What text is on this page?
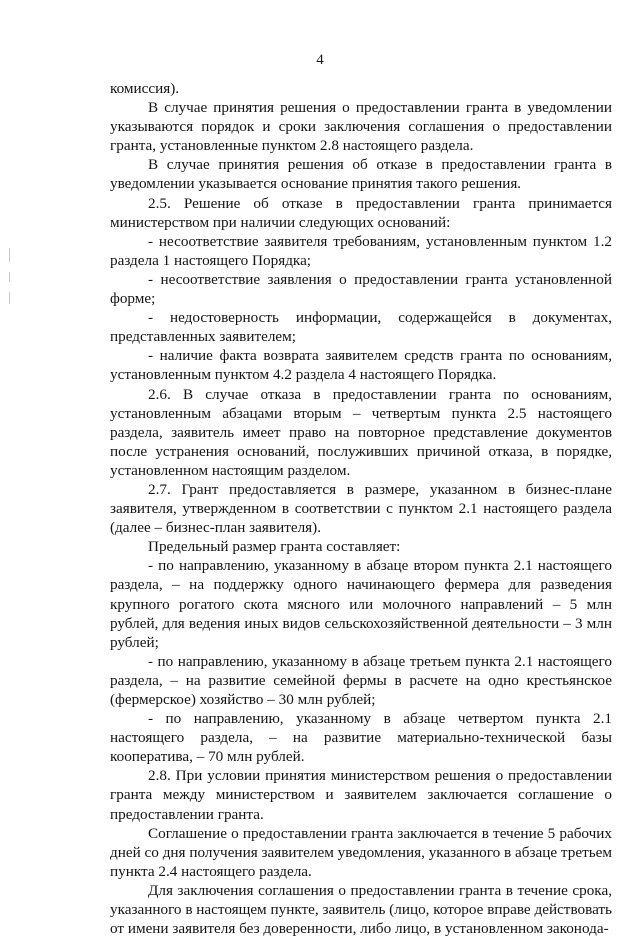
4

комиссия).

В случае принятия решения о предоставлении гранта в уведомлении указываются порядок и сроки заключения соглашения о предоставлении гранта, установленные пунктом 2.8 настоящего раздела.

В случае принятия решения об отказе в предоставлении гранта в уведомлении указывается основание принятия такого решения.

2.5. Решение об отказе в предоставлении гранта принимается министерством при наличии следующих оснований:

- несоответствие заявителя требованиям, установленным пунктом 1.2 раздела 1 настоящего Порядка;

- несоответствие заявления о предоставлении гранта установленной форме;

- недостоверность информации, содержащейся в документах, представленных заявителем;

- наличие факта возврата заявителем средств гранта по основаниям, установленным пунктом 4.2 раздела 4 настоящего Порядка.

2.6. В случае отказа в предоставлении гранта по основаниям, установленным абзацами вторым – четвертым пункта 2.5 настоящего раздела, заявитель имеет право на повторное представление документов после устранения оснований, послуживших причиной отказа, в порядке, установленном настоящим разделом.

2.7. Грант предоставляется в размере, указанном в бизнес-плане заявителя, утвержденном в соответствии с пунктом 2.1 настоящего раздела (далее – бизнес-план заявителя).

Предельный размер гранта составляет:

- по направлению, указанному в абзаце втором пункта 2.1 настоящего раздела, – на поддержку одного начинающего фермера для разведения крупного рогатого скота мясного или молочного направлений – 5 млн рублей, для ведения иных видов сельскохозяйственной деятельности – 3 млн рублей;

- по направлению, указанному в абзаце третьем пункта 2.1 настоящего раздела, – на развитие семейной фермы в расчете на одно крестьянское (фермерское) хозяйство – 30 млн рублей;

- по направлению, указанному в абзаце четвертом пункта 2.1 настоящего раздела, – на развитие материально-технической базы кооператива, – 70 млн рублей.

2.8. При условии принятия министерством решения о предоставлении гранта между министерством и заявителем заключается соглашение о предоставлении гранта.

Соглашение о предоставлении гранта заключается в течение 5 рабочих дней со дня получения заявителем уведомления, указанного в абзаце третьем пункта 2.4 настоящего раздела.

Для заключения соглашения о предоставлении гранта в течение срока, указанного в настоящем пункте, заявитель (лицо, которое вправе действовать от имени заявителя без доверенности, либо лицо, в установленном законода-
